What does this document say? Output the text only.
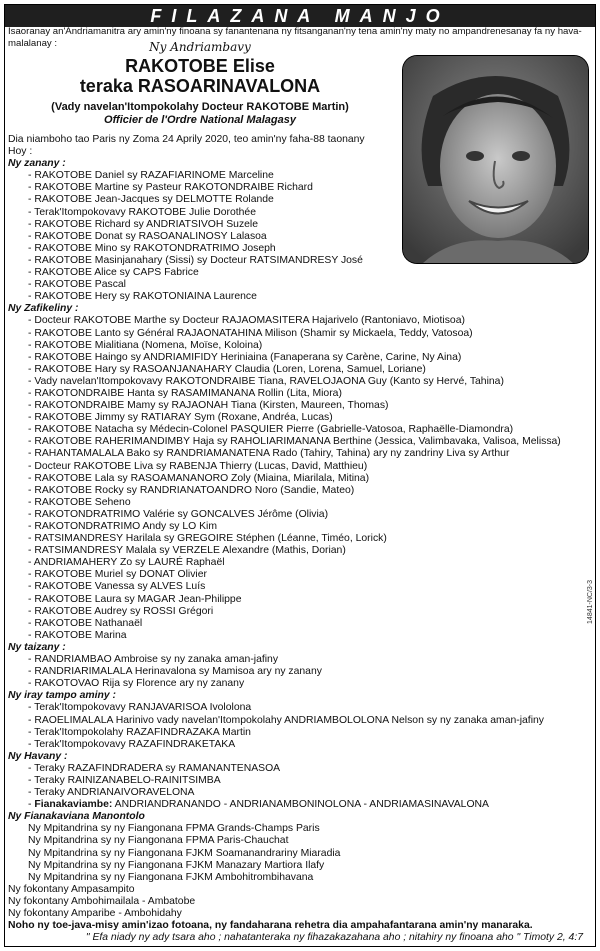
FILAZANA MANJO
Isaoranay an'Andriamanitra ary amin'ny finoana sy fanantenana ny fitsanganan'ny tena amin'ny maty no ampandrenesanay fa ny hava-malalanay :	Ny Andriambavy
RAKOTOBE Elise
teraka RASOARINAVALONA
(Vady navelan'Itompokolahy Docteur RAKOTOBE Martin)
Officier de l'Ordre National Malagasy
Dia niamboho tao Paris ny Zoma 24 Aprily 2020, teo amin'ny faha-88 taonany
Hoy :
Ny zanany :
- RAKOTOBE Daniel sy RAZAFIARINOME Marceline
- RAKOTOBE Martine sy Pasteur RAKOTONDRAIBE Richard
- RAKOTOBE Jean-Jacques sy DELMOTTE Rolande
- Terak'Itompokovavy RAKOTOBE Julie Dorothée
- RAKOTOBE Richard sy ANDRIATSIVOH Suzele
- RAKOTOBE Donat sy RASOANALINOSY Lalasoa
- RAKOTOBE Mino sy RAKOTONDRATRIMO Joseph
- RAKOTOBE Masinjanahary (Sissi) sy Docteur RATSIMANDRESY José
- RAKOTOBE Alice sy CAPS Fabrice
- RAKOTOBE Pascal
- RAKOTOBE Hery sy RAKOTONIAINA Laurence
Ny Zafikeliny :
- Docteur RAKOTOBE Marthe sy Docteur RAJAOMASITERA Hajarivelo (Rantoniavo, Miotisoa)
- RAKOTOBE Lanto sy Général RAJAONATAHINA Milison (Shamir sy Mickaela, Teddy, Vatosoa)
- RAKOTOBE Mialitiana (Nomena, Moïse, Koloina)
- RAKOTOBE Haingo sy ANDRIAMIFIDY Heriniaina (Fanaperana sy Carène, Carine, Ny Aina)
- RAKOTOBE Hary sy RASOANJANAHARY Claudia (Loren, Lorena, Samuel, Loriane)
- Vady navelan'Itompokovavy RAKOTONDRAIBE Tiana, RAVELOJAONA Guy (Kanto sy Hervé, Tahina)
- RAKOTONDRAIBE Hanta sy RASAMIMANANA Rollin (Lita, Miora)
- RAKOTONDRAIBE Mamy sy RAJAONAH Tiana (Kirsten, Maureen, Thomas)
- RAKOTOBE Jimmy sy RATIARAY Sym (Roxane, Andréa, Lucas)
- RAKOTOBE Natacha sy Médecin-Colonel PASQUIER Pierre (Gabrielle-Vatosoa, Raphaëlle-Diamondra)
- RAKOTOBE RAHERIMANDIMBY Haja sy RAHOLIARIMANANA Berthine (Jessica, Valimbavaka, Valisoa, Melissa)
- RAHANTAMALALA Bako sy RANDRIAMANATENA Rado (Tahiry, Tahina) ary ny zandriny Liva sy Arthur
- Docteur RAKOTOBE Liva sy RABENJA Thierry (Lucas, David, Matthieu)
- RAKOTOBE Lala sy RASOAMANANORO Zoly (Miaina, Miarilala, Mitina)
- RAKOTOBE Rocky sy RANDRIANATOANDRO Noro (Sandie, Mateo)
- RAKOTOBE Seheno
- RAKOTONDRATRIMO Valérie sy GONCALVES Jérôme (Olivia)
- RAKOTONDRATRIMO Andy sy LO Kim
- RATSIMANDRESY Harilala sy GREGOIRE Stéphen (Léanne, Timéo, Lorick)
- RATSIMANDRESY Malala sy VERZELE Alexandre (Mathis, Dorian)
- ANDRIAMAHERY Zo sy LAURÉ Raphaël
- RAKOTOBE Muriel sy DONAT Olivier
- RAKOTOBE Vanessa sy ALVES Luís
- RAKOTOBE Laura sy MAGAR Jean-Philippe
- RAKOTOBE Audrey sy ROSSI Grégori
- RAKOTOBE Nathanaël
- RAKOTOBE Marina
Ny taizany :
- RANDRIAMBAO Ambroise sy ny zanaka aman-jafiny
- RANDRIARIMALALA Herinavalona sy Mamisoa ary ny zanany
- RAKOTOVAO Rija sy Florence ary ny zanany
Ny iray tampo aminy :
- Terak'Itompokovavy RANJAVARISOA Ivololona
- RAOELIMALALA Harinivo vady navelan'Itompokolahy ANDRIAMBOLOLONA Nelson sy ny zanaka aman-jafiny
- Terak'Itompokolahy RAZAFINDRAZAKA Martin
- Terak'Itompokovavy RAZAFINDRAKETAKA
Ny Havany :
- Teraky RAZAFINDRADERA sy RAMANANTENASOA
- Teraky RAINIZANABELO-RAINITSIMBA
- Teraky ANDRIANAIVORAVELONA
- Fianakaviambe: ANDRIANDRANANDO - ANDRIANAMBONINOLONA - ANDRIAMASINAVALONA
Ny Fianakaviana Manontolo
Ny Mpitandrina sy ny Fiangonana FPMA Grands-Champs Paris
Ny Mpitandrina sy ny Fiangonana FPMA Paris-Chauchat
Ny Mpitandrina sy ny Fiangonana FJKM Soamanandrariny Miaradia
Ny Mpitandrina sy ny Fiangonana FJKM Manazary Martiora Ilafy
Ny Mpitandrina sy ny Fiangonana FJKM Ambohitrombihavana
Ny fokontany Ampasampito
Ny fokontany Ambohimailala - Ambatobe
Ny fokontany Amparibe - Ambohidahy
Noho ny toe-java-misy amin'izao fotoana, ny fandaharana rehetra dia ampahafantarana amin'ny manaraka.
" Efa niady ny ady tsara aho ; nahatanteraka ny fihazakazahana aho ; nitahiry ny finoana aho " Timoty 2, 4:7
14841-NC/3-3
